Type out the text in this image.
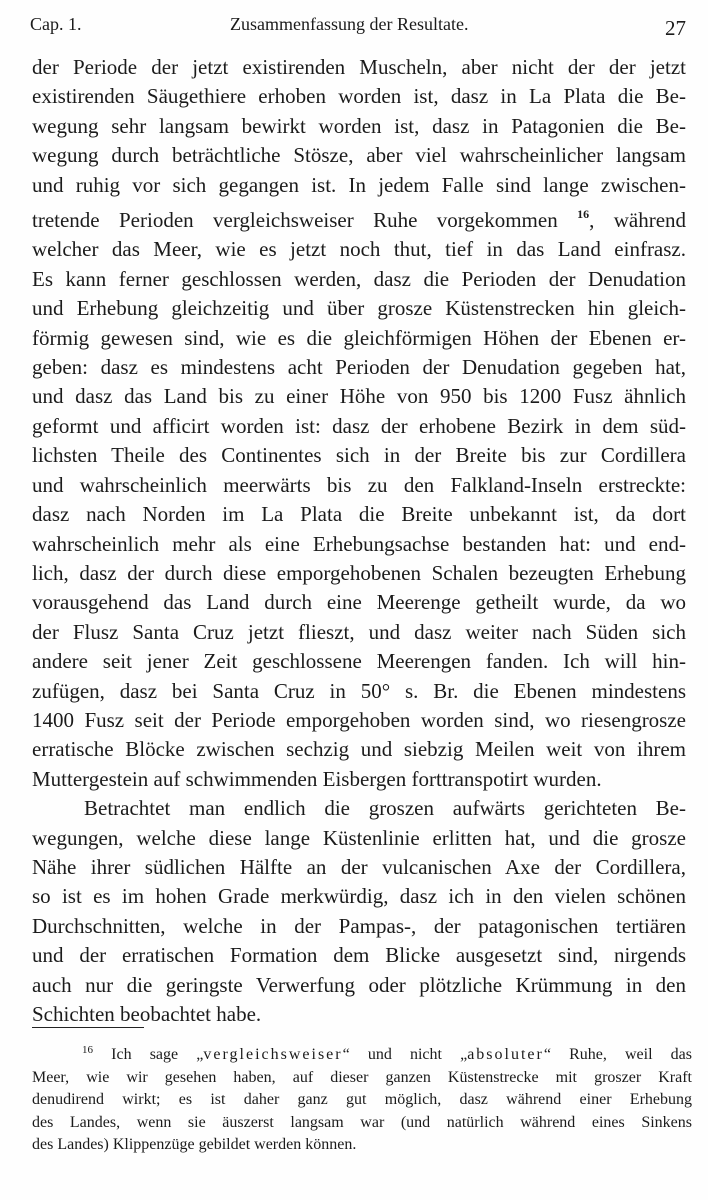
Cap. 1.	Zusammenfassung der Resultate.	27
der Periode der jetzt existirenden Muscheln, aber nicht der der jetzt
existirenden Säugethiere erhoben worden ist, dasz in La Plata die Be-
wegung sehr langsam bewirkt worden ist, dasz in Patagonien die Be-
wegung durch beträchtliche Stösze, aber viel wahrscheinlicher langsam
und ruhig vor sich gegangen ist. In jedem Falle sind lange zwischen-
tretende Perioden vergleichsweiser Ruhe vorgekommen $^{16}$, während
welcher das Meer, wie es jetzt noch thut, tief in das Land einfrasz.
Es kann ferner geschlossen werden, dasz die Perioden der Denudation
und Erhebung gleichzeitig und über grosze Küstenstrecken hin gleich-
förmig gewesen sind, wie es die gleichförmigen Höhen der Ebenen er-
geben: dasz es mindestens acht Perioden der Denudation gegeben hat,
und dasz das Land bis zu einer Höhe von 950 bis 1200 Fusz ähnlich
geformt und afficirt worden ist: dasz der erhobene Bezirk in dem süd-
lichsten Theile des Continentes sich in der Breite bis zur Cordillera
und wahrscheinlich meerwärts bis zu den Falkland-Inseln erstreckte:
dasz nach Norden im La Plata die Breite unbekannt ist, da dort
wahrscheinlich mehr als eine Erhebungsachse bestanden hat: und end-
lich, dasz der durch diese emporgehobenen Schalen bezeugten Erhebung
vorausgehend das Land durch eine Meerenge getheilt wurde, da wo
der Flusz Santa Cruz jetzt flieszt, und dasz weiter nach Süden sich
andere seit jener Zeit geschlossene Meerengen fanden. Ich will hin-
zufügen, dasz bei Santa Cruz in 50° s. Br. die Ebenen mindestens
1400 Fusz seit der Periode emporgehoben worden sind, wo riesengrosze
erratische Blöcke zwischen sechzig und siebzig Meilen weit von ihrem
Muttergestein auf schwimmenden Eisbergen forttranspotirt wurden.
Betrachtet man endlich die groszen aufwärts gerichteten Be-
wegungen, welche diese lange Küstenlinie erlitten hat, und die grosze
Nähe ihrer südlichen Hälfte an der vulcanischen Axe der Cordillera,
so ist es im hohen Grade merkwürdig, dasz ich in den vielen schönen
Durchschnitten, welche in der Pampas-, der patagonischen tertiären
und der erratischen Formation dem Blicke ausgesetzt sind, nirgends
auch nur die geringste Verwerfung oder plötzliche Krümmung in den
Schichten beobachtet habe.
$^{16}$ Ich sage „vergleichsweiser“ und nicht „absoluter“ Ruhe, weil das
Meer, wie wir gesehen haben, auf dieser ganzen Küstenstrecke mit groszer Kraft
denudirend wirkt; es ist daher ganz gut möglich, dasz während einer Erhebung
des Landes, wenn sie äuszerst langsam war (und natürlich während eines Sinkens
des Landes) Klippenzüge gebildet werden können.
